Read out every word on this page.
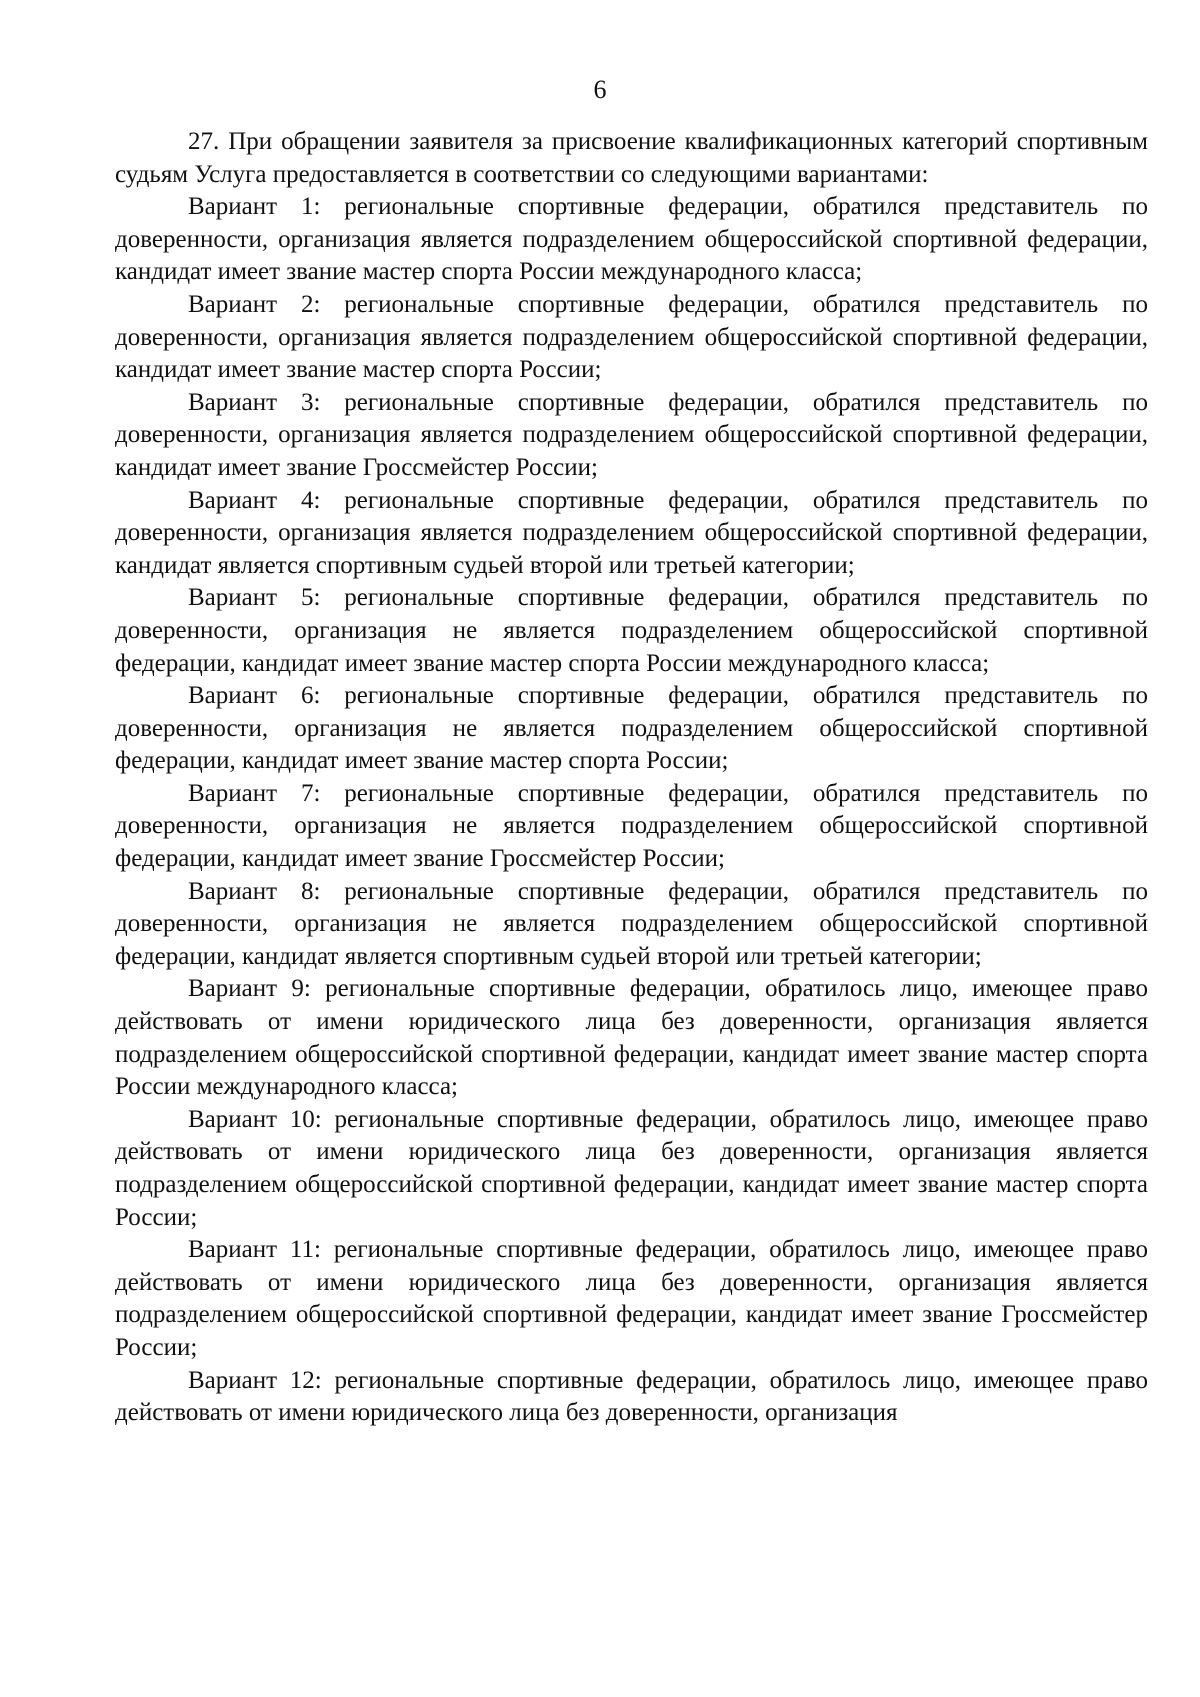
6

27. При обращении заявителя за присвоение квалификационных категорий спортивным судьям Услуга предоставляется в соответствии со следующими вариантами:

Вариант 1: региональные спортивные федерации, обратился представитель по доверенности, организация является подразделением общероссийской спортивной федерации, кандидат имеет звание мастер спорта России международного класса;

Вариант 2: региональные спортивные федерации, обратился представитель по доверенности, организация является подразделением общероссийской спортивной федерации, кандидат имеет звание мастер спорта России;

Вариант 3: региональные спортивные федерации, обратился представитель по доверенности, организация является подразделением общероссийской спортивной федерации, кандидат имеет звание Гроссмейстер России;

Вариант 4: региональные спортивные федерации, обратился представитель по доверенности, организация является подразделением общероссийской спортивной федерации, кандидат является спортивным судьей второй или третьей категории;

Вариант 5: региональные спортивные федерации, обратился представитель по доверенности, организация не является подразделением общероссийской спортивной федерации, кандидат имеет звание мастер спорта России международного класса;

Вариант 6: региональные спортивные федерации, обратился представитель по доверенности, организация не является подразделением общероссийской спортивной федерации, кандидат имеет звание мастер спорта России;

Вариант 7: региональные спортивные федерации, обратился представитель по доверенности, организация не является подразделением общероссийской спортивной федерации, кандидат имеет звание Гроссмейстер России;

Вариант 8: региональные спортивные федерации, обратился представитель по доверенности, организация не является подразделением общероссийской спортивной федерации, кандидат является спортивным судьей второй или третьей категории;

Вариант 9: региональные спортивные федерации, обратилось лицо, имеющее право действовать от имени юридического лица без доверенности, организация является подразделением общероссийской спортивной федерации, кандидат имеет звание мастер спорта России международного класса;

Вариант 10: региональные спортивные федерации, обратилось лицо, имеющее право действовать от имени юридического лица без доверенности, организация является подразделением общероссийской спортивной федерации, кандидат имеет звание мастер спорта России;

Вариант 11: региональные спортивные федерации, обратилось лицо, имеющее право действовать от имени юридического лица без доверенности, организация является подразделением общероссийской спортивной федерации, кандидат имеет звание Гроссмейстер России;

Вариант 12: региональные спортивные федерации, обратилось лицо, имеющее право действовать от имени юридического лица без доверенности, организация
